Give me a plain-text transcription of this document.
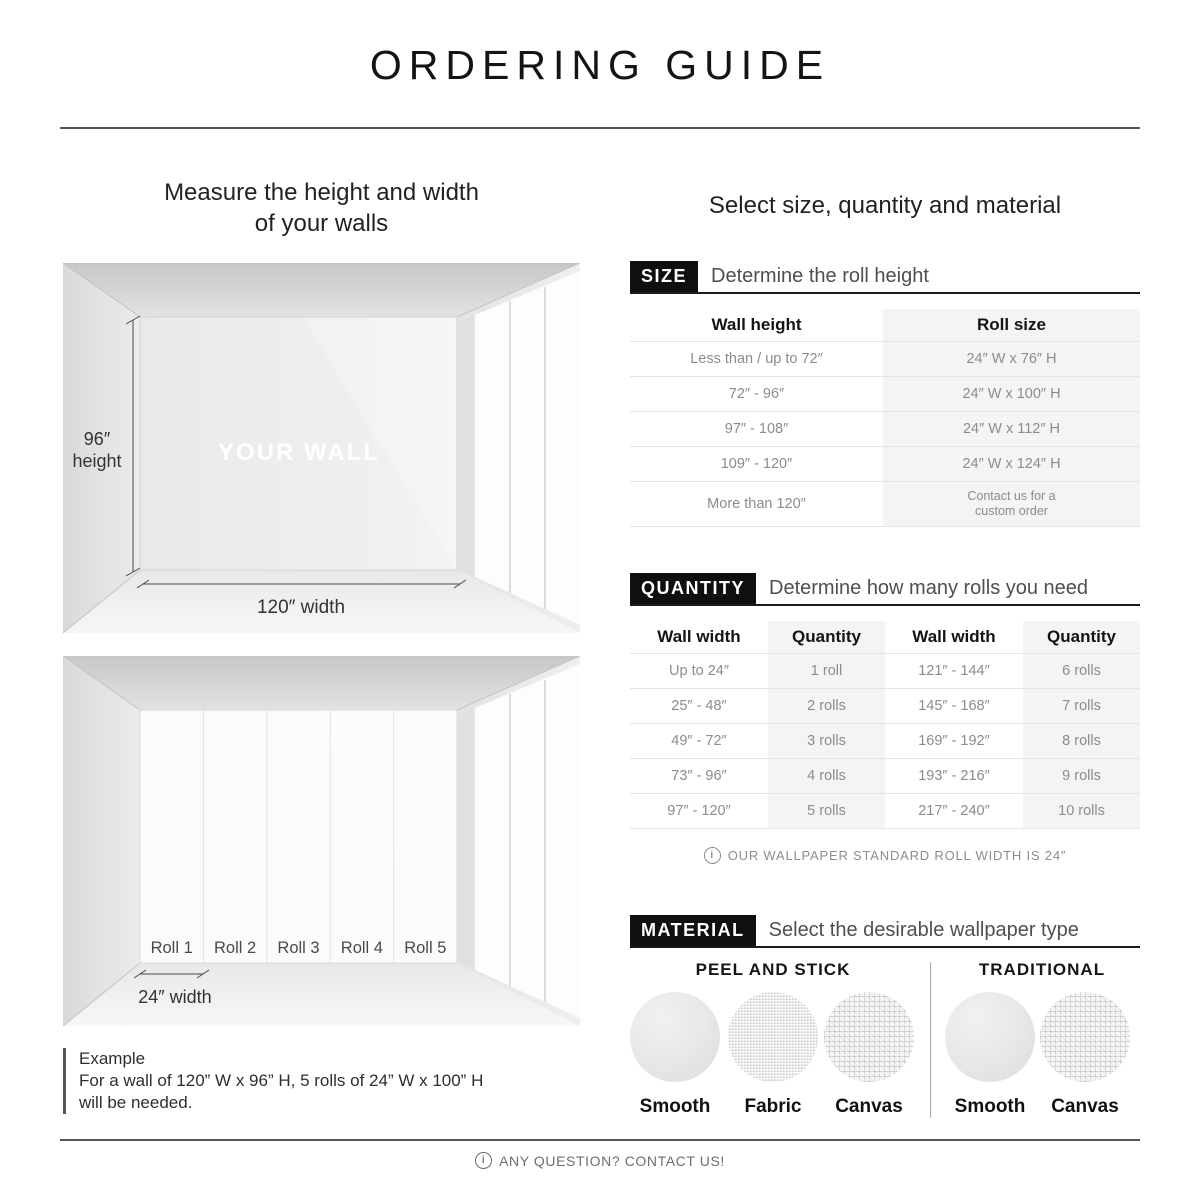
ORDERING GUIDE
Measure the height and width
of your walls
96″
height	YOUR WALL
120″ width
Roll 1 Roll 2 Roll 3 Roll 4 Roll 5
24″ width
Example
For a wall of 120” W x 96” H, 5 rolls of 24” W x 100” H
will be needed.
Select size, quantity and material
SIZE	Determine the roll height
Wall height	Roll size
Less than / up to 72″	24″ W x 76″ H
72″ - 96″	24″ W x 100″ H
97″ - 108″	24″ W x 112″ H
109″ - 120″	24″ W x 124″ H
More than 120″	Contact us for a
custom order
QUANTITY	Determine how many rolls you need
Wall width	Quantity	Wall width	Quantity
Up to 24″	1 roll	121″ - 144″	6 rolls
25″ - 48″	2 rolls	145″ - 168″	7 rolls
49″ - 72″	3 rolls	169″ - 192″	8 rolls
73″ - 96″	4 rolls	193″ - 216″	9 rolls
97″ - 120″	5 rolls	217″ - 240″	10 rolls
i	OUR WALLPAPER STANDARD ROLL WIDTH IS 24″
MATERIAL	Select the desirable wallpaper type
PEEL AND STICK	TRADITIONAL
Smooth	Fabric	Canvas	Smooth	Canvas
i ANY QUESTION? CONTACT US!
